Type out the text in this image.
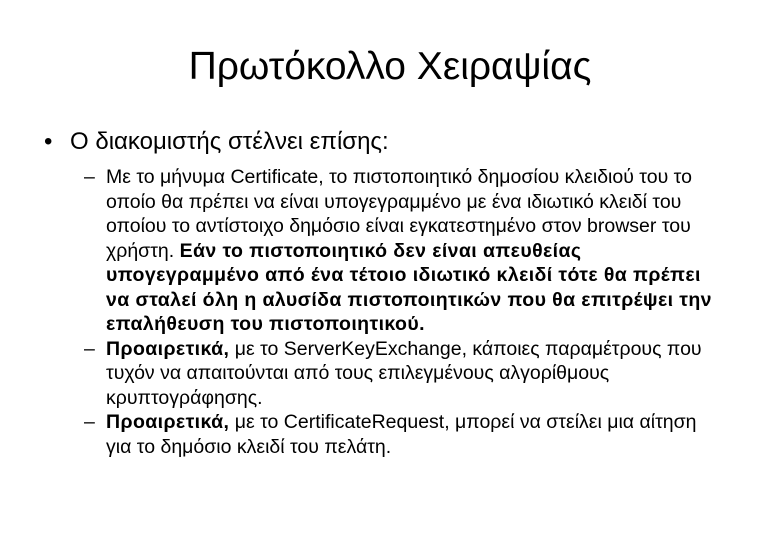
Πρωτόκολλο Χειραψίας
• Ο διακομιστής στέλνει επίσης:
– Με το μήνυμα Certificate, το πιστοποιητικό δημοσίου κλειδιού του το οποίο θα πρέπει να είναι υπογεγραμμένο με ένα ιδιωτικό κλειδί του οποίου το αντίστοιχο δημόσιο είναι εγκατεστημένο στον browser του χρήστη. Εάν το πιστοποιητικό δεν είναι απευθείας υπογεγραμμένο από ένα τέτοιο ιδιωτικό κλειδί τότε θα πρέπει να σταλεί όλη η αλυσίδα πιστοποιητικών που θα επιτρέψει την επαλήθευση του πιστοποιητικού.
– Προαιρετικά, με το ServerKeyExchange, κάποιες παραμέτρους που τυχόν να απαιτούνται από τους επιλεγμένους αλγορίθμους κρυπτογράφησης.
– Προαιρετικά, με το CertificateRequest, μπορεί να στείλει μια αίτηση για το δημόσιο κλειδί του πελάτη.
